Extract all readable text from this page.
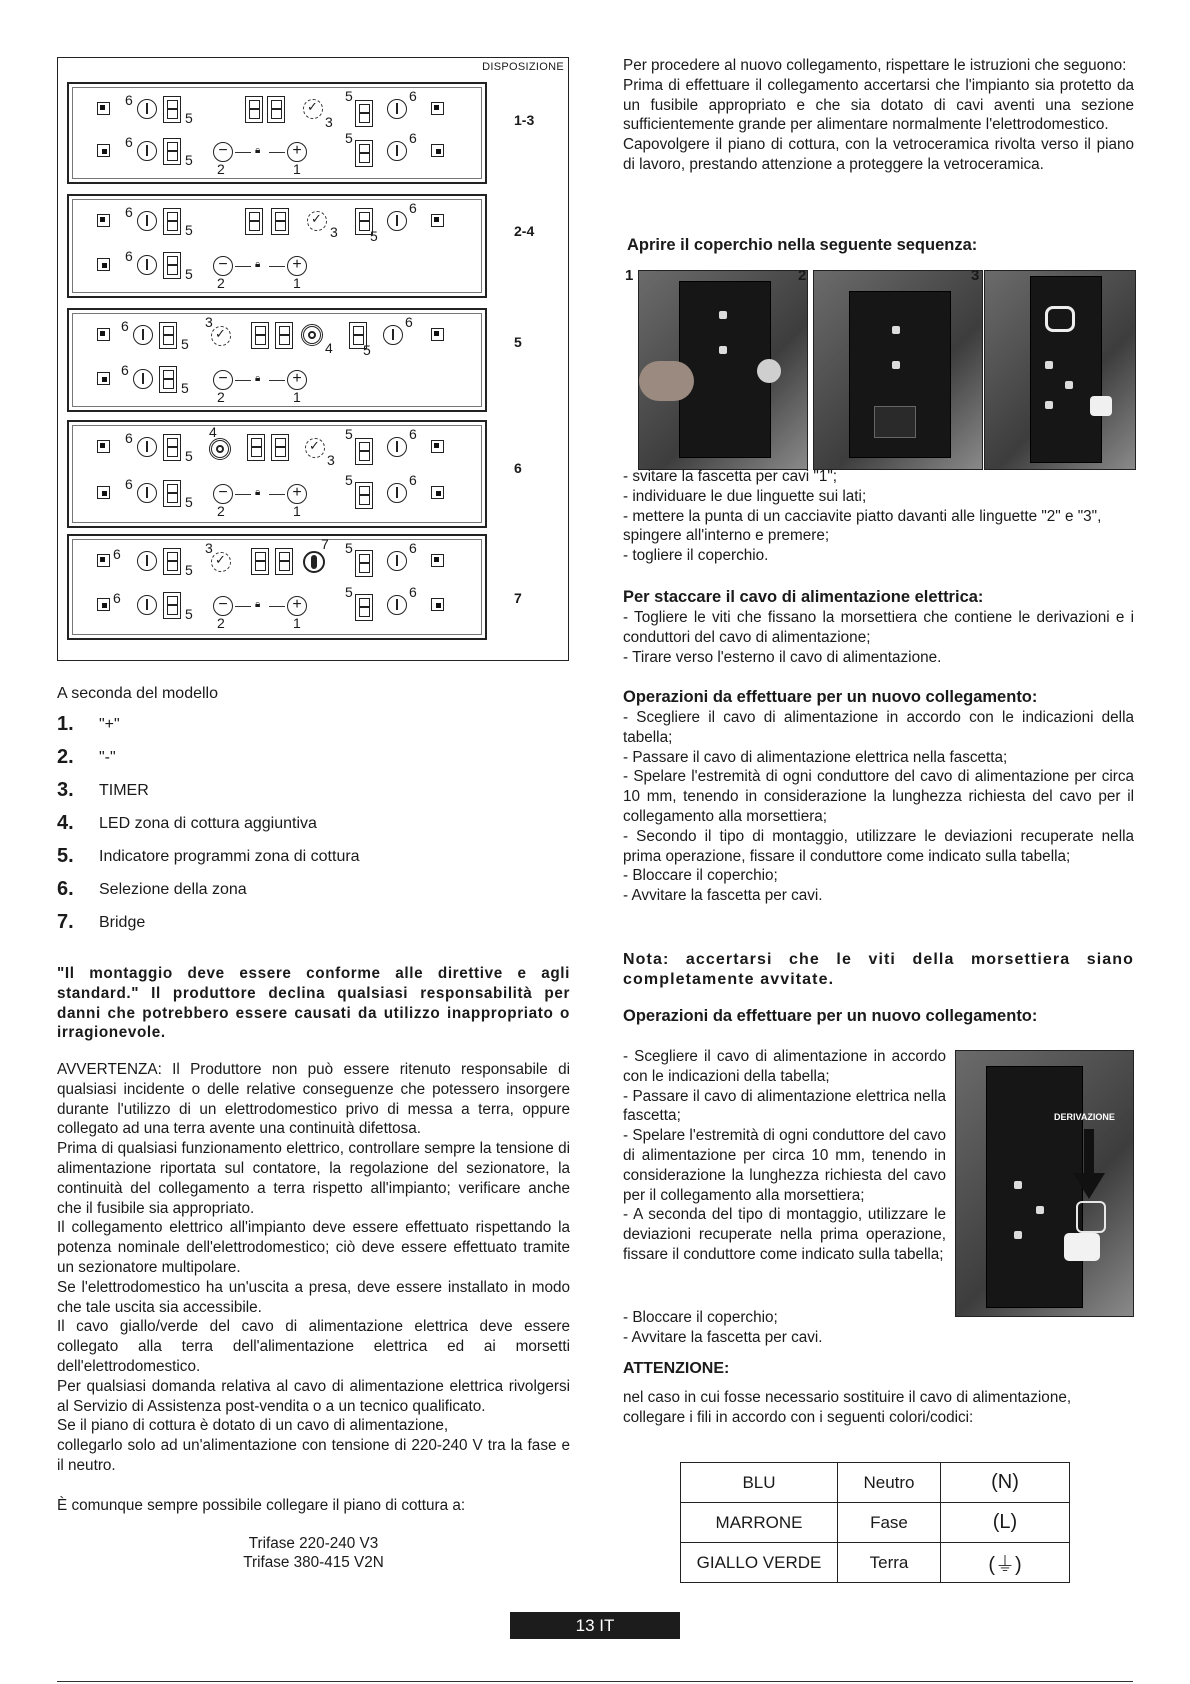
DISPOSIZIONE
6
5
✓	3
5	6
6
5
−
2
🔒︎	+
1
5	6
1-3
6
5
✓	3 5
6
6
5
−
2
🔒︎	+
1
2-4
6
5
3
✓
4 5
6
6
5
−
2
🔒︎	+
1
5
6
5
4
✓
3
5	6
6
5
−
2
🔒︎	+
1
5	6
6
6
5
3
✓	7 5	6
6
5
−
2
🔒︎	+
1
5	6	7
A seconda del modello
1.	"+"
2.	"-"
3.	TIMER
4.	LED zona di cottura aggiuntiva
5.	Indicatore programmi zona di cottura
6.	Selezione della zona
7.	Bridge

"Il montaggio deve essere conforme alle direttive e agli standard." Il produttore declina qualsiasi responsabilità per danni che potrebbero essere causati da utilizzo inappropriato o irragionevole.

AVVERTENZA: Il Produttore non può essere ritenuto responsabile di qualsiasi incidente o delle relative conseguenze che potessero insorgere durante l'utilizzo di un elettrodomestico privo di messa a terra, oppure collegato ad una terra avente una continuità difettosa.

Prima di qualsiasi funzionamento elettrico, controllare sempre la tensione di alimentazione riportata sul contatore, la regolazione del sezionatore, la continuità del collegamento a terra rispetto all'impianto; verificare anche che il fusibile sia appropriato.

Il collegamento elettrico all'impianto deve essere effettuato rispettando la potenza nominale dell'elettrodomestico; ciò deve essere effettuato tramite un sezionatore multipolare.

Se l'elettrodomestico ha un'uscita a presa, deve essere installato in modo che tale uscita sia accessibile.

Il cavo giallo/verde del cavo di alimentazione elettrica deve essere collegato alla terra dell'alimentazione elettrica ed ai morsetti dell'elettrodomestico.

Per qualsiasi domanda relativa al cavo di alimentazione elettrica rivolgersi al Servizio di Assistenza post-vendita o a un tecnico qualificato.

Se il piano di cottura è dotato di un cavo di alimentazione,

collegarlo solo ad un'alimentazione con tensione di 220-240 V tra la fase e il neutro.

È comunque sempre possibile collegare il piano di cottura a:

Trifase 220-240 V3

Trifase 380-415 V2N

Per procedere al nuovo collegamento, rispettare le istruzioni che seguono:

Prima di effettuare il collegamento accertarsi che l'impianto sia protetto da un fusibile appropriato e che sia dotato di cavi aventi una sezione sufficientemente grande per alimentare normalmente l'elettrodomestico.

Capovolgere il piano di cottura, con la vetroceramica rivolta verso il piano di lavoro, prestando attenzione a proteggere la vetroceramica.

Aprire il coperchio nella seguente sequenza:

1	2	3

- svitare la fascetta per cavi "1";

- individuare le due linguette sui lati;

- mettere la punta di un cacciavite piatto davanti alle linguette "2" e "3", spingere all'interno e premere;

- togliere il coperchio.

Per staccare il cavo di alimentazione elettrica:

- Togliere le viti che fissano la morsettiera che contiene le derivazioni e i conduttori del cavo di alimentazione;

- Tirare verso l'esterno il cavo di alimentazione.

Operazioni da effettuare per un nuovo collegamento:

- Scegliere il cavo di alimentazione in accordo con le indicazioni della tabella;

- Passare il cavo di alimentazione elettrica nella fascetta;

- Spelare l'estremità di ogni conduttore del cavo di alimentazione per circa 10 mm, tenendo in considerazione la lunghezza richiesta del cavo per il collegamento alla morsettiera;

- Secondo il tipo di montaggio, utilizzare le deviazioni recuperate nella prima operazione, fissare il conduttore come indicato sulla tabella;

- Bloccare il coperchio;

- Avvitare la fascetta per cavi.

Nota: accertarsi che le viti della morsettiera siano completamente avvitate.

Operazioni da effettuare per un nuovo collegamento:

- Scegliere il cavo di alimentazione in accordo con le indicazioni della tabella;

- Passare il cavo di alimentazione elettrica nella fascetta;

- Spelare l'estremità di ogni conduttore del cavo di alimentazione per circa 10 mm, tenendo in considerazione la lunghezza richiesta del cavo per il collegamento alla morsettiera;

- A seconda del tipo di montaggio, utilizzare le deviazioni recuperate nella prima operazione, fissare il conduttore come indicato sulla tabella;

- Bloccare il coperchio;

- Avvitare la fascetta per cavi.

DERIVAZIONE

ATTENZIONE:

nel caso in cui fosse necessario sostituire il cavo di alimentazione, collegare i fili in accordo con i seguenti colori/codici:

BLU	Neutro	(N)
MARRONE	Fase	(L)
GIALLO VERDE	Terra	(⏚)
13 IT
